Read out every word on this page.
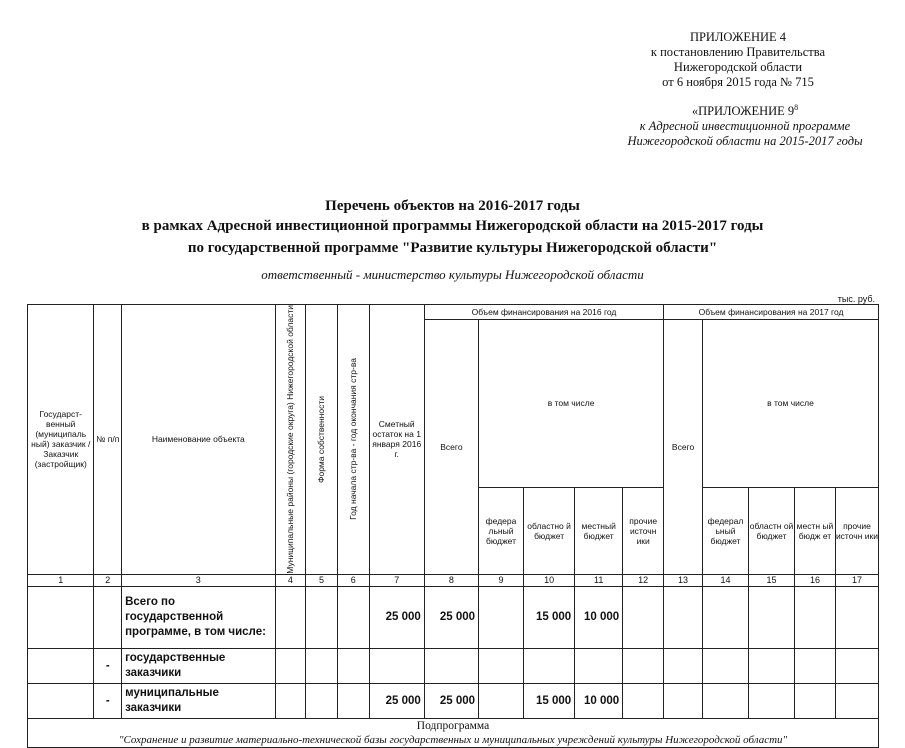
ПРИЛОЖЕНИЕ 4
к постановлению Правительства
Нижегородской области
от 6 ноября 2015 года № 715
«ПРИЛОЖЕНИЕ $9^8$
к Адресной инвестиционной программе
Нижегородской области на 2015-2017 годы
Перечень объектов на 2016-2017 годы
в рамках Адресной инвестиционной программы Нижегородской области на 2015-2017 годы
по государственной программе "Развитие культуры Нижегородской области"
ответственный - министерство культуры Нижегородской области
тыс. руб.
Государст-венный (муниципаль ный) заказчик / Заказчик (застройщик)	№ п/п	Наименование объекта	Муниципальные районы (городские округа) Нижегородской области	Форма собственности	Год начала стр-ва - год окончания стр-ва	Сметный остаток на 1 января 2016 г.	Объем финансирования на 2016 год					Объем финансирования на 2017 год				
							Всего	в том числе				Всего	в том числе			
								федера льный бюджет	областно й бюджет	местный бюджет	прочие источн ики		федерал ьный бюджет	областн ой бюджет	местн ый бюдж ет	прочие источн ики
1	2	3	4	5	6	7	8	9	10	11	12	13	14	15	16	17
		Всего по государственной программе, в том числе:				25 000	25 000		15 000	10 000						
	-	государственные заказчики														
	-	муниципальные заказчики				25 000	25 000		15 000	10 000						

Подпрограмма
"Сохранение и развитие материально-технической базы государственных и муниципальных учреждений культуры Нижегородской области"																
